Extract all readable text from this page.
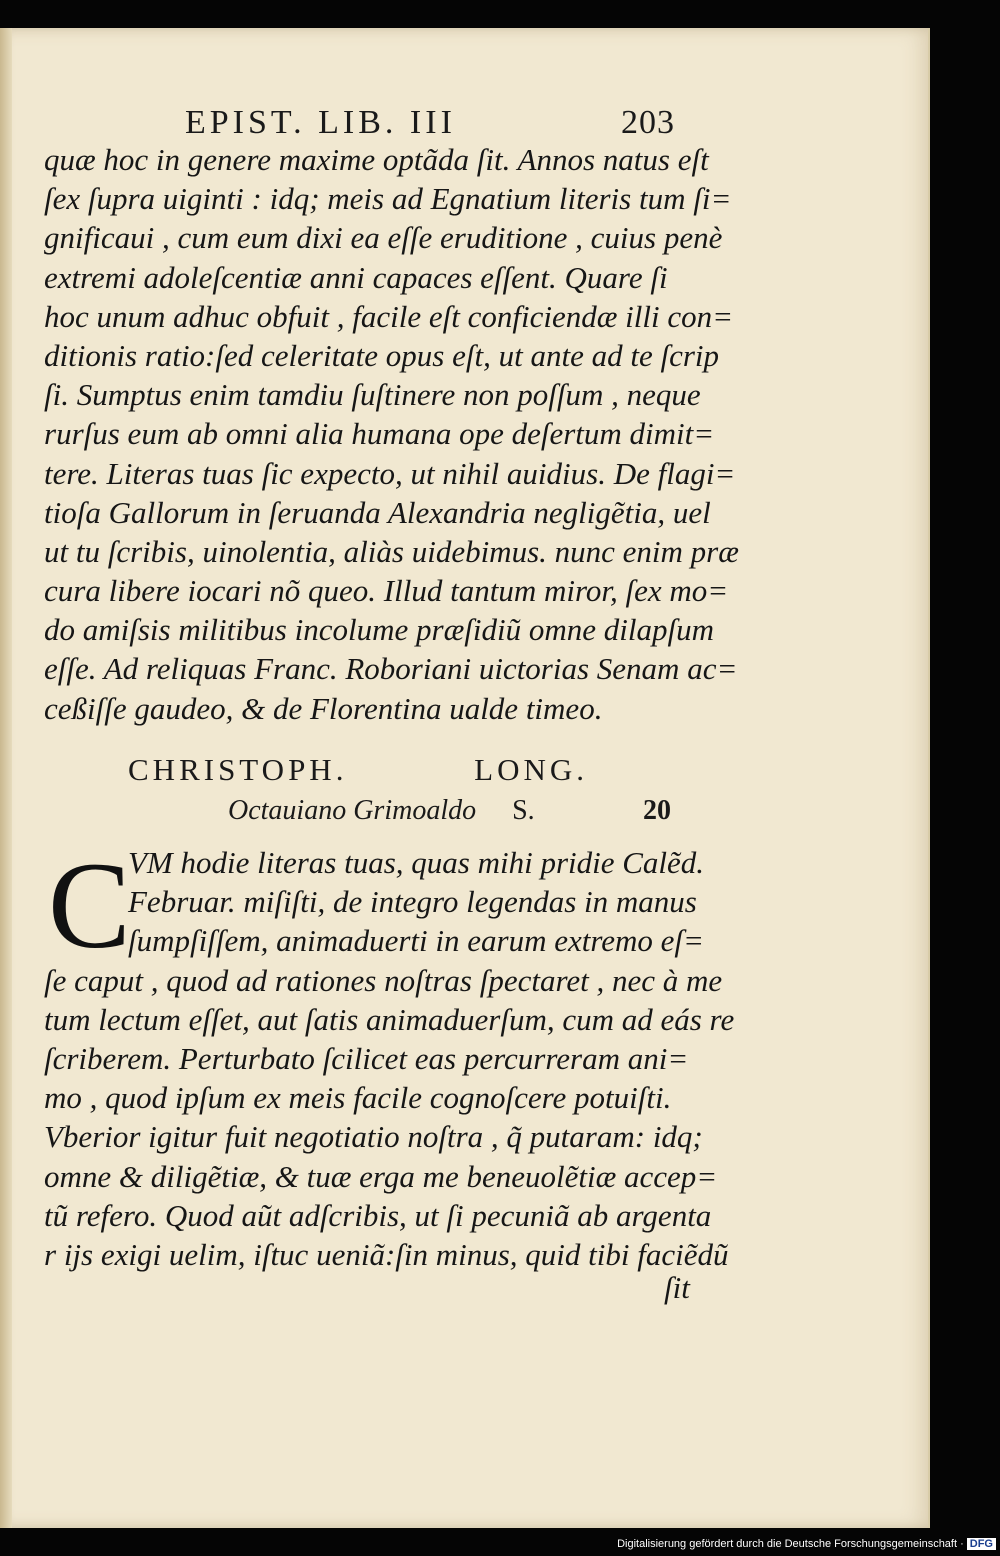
EPIST. LIB. III	203
quæ hoc in genere maxime optãda ſit. Annos natus eſt
ſex ſupra uiginti : idq; meis ad Egnatium literis tum ſi=
gnificaui , cum eum dixi ea eſſe eruditione , cuius penè
extremi adoleſcentiæ anni capaces eſſent. Quare ſi
hoc unum adhuc obfuit , facile eſt conficiendæ illi con=
ditionis ratio:ſed celeritate opus eſt, ut ante ad te ſcrip
ſi. Sumptus enim tamdiu ſuſtinere non poſſum , neque
rurſus eum ab omni alia humana ope deſertum dimit=
tere. Literas tuas ſic expecto, ut nihil auidius. De flagi=
tioſa Gallorum in ſeruanda Alexandria negligẽtia, uel
ut tu ſcribis, uinolentia, aliàs uidebimus. nunc enim præ
cura libere iocari nõ queo. Illud tantum miror, ſex mo=
do amiſsis militibus incolume præſidiũ omne dilapſum
eſſe. Ad reliquas Franc. Roboriani uictorias Senam ac=
ceßiſſe gaudeo, & de Florentina ualde timeo.
CHRISTOPH.	LONG.
Octauiano Grimoaldo S.	20
C
VM hodie literas tuas, quas mihi pridie Calẽd.
Februar. miſiſti, de integro legendas in manus
ſumpſiſſem, animaduerti in earum extremo eſ=
ſe caput , quod ad rationes noſtras ſpectaret , nec à me
tum lectum eſſet, aut ſatis animaduerſum, cum ad eás re
ſcriberem. Perturbato ſcilicet eas percurreram ani=
mo , quod ipſum ex meis facile cognoſcere potuiſti.
Vberior igitur fuit negotiatio noſtra , q̃ putaram: idq;
omne & diligẽtiæ, & tuæ erga me beneuolẽtiæ accep=
tũ refero. Quod aũt adſcribis, ut ſi pecuniã ab argenta
r ijs exigi uelim, iſtuc ueniã:ſin minus, quid tibi faciẽdũ
ſit
Digitalisierung gefördert durch die Deutsche Forschungsgemeinschaft · DFG
